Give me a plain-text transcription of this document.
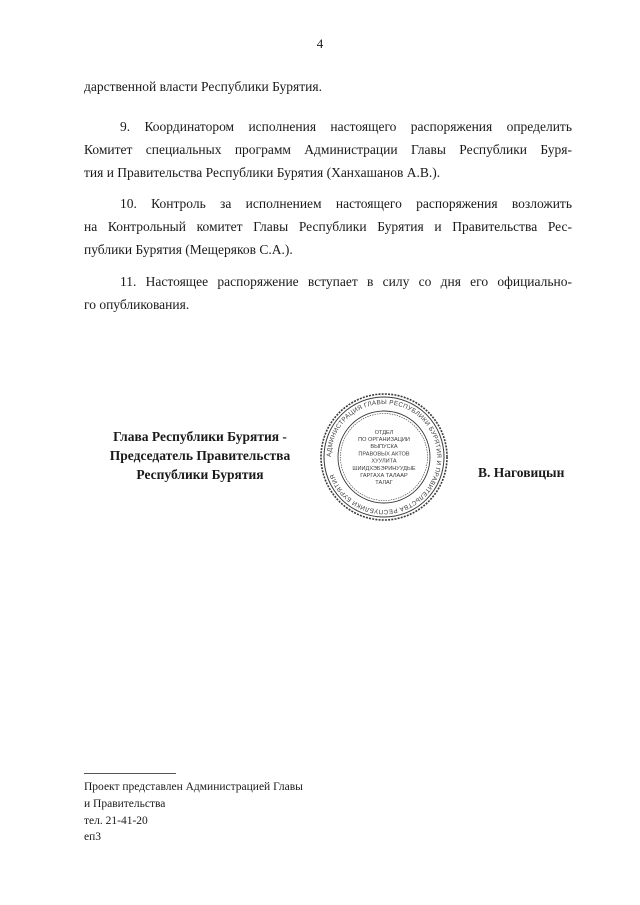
4
дарственной власти Республики Бурятия.
9. Координатором исполнения настоящего распоряжения определить
Комитет специальных программ Администрации Главы Республики Буря-
тия и Правительства Республики Бурятия (Ханхашанов А.В.).
10. Контроль за исполнением настоящего распоряжения возложить
на Контрольный комитет Главы Республики Бурятия и Правительства Рес-
публики Бурятия (Мещеряков С.А.).
11. Настоящее распоряжение вступает в силу со дня его официально-
го опубликования.
Глава Республики Бурятия -
Председатель Правительства
Республики Бурятия
АДМИНИСТРАЦИЯ ГЛАВЫ РЕСПУБЛИКИ БУРЯТИЯ И ПРАВИТЕЛЬСТВА РЕСПУБЛИКИ БУРЯТИЯ
ОТДЕЛ
ПО ОРГАНИЗАЦИИ
ВЫПУСКА
ПРАВОВЫХ АКТОВ
ХУУЛИТА
ШИИДХЭБЭРИНУУДЫЕ
ГАРГАХА ТАЛААР
ТАЛАГ
В. Наговицын
Проект представлен Администрацией Главы
и Правительства
тел. 21-41-20
еп3
